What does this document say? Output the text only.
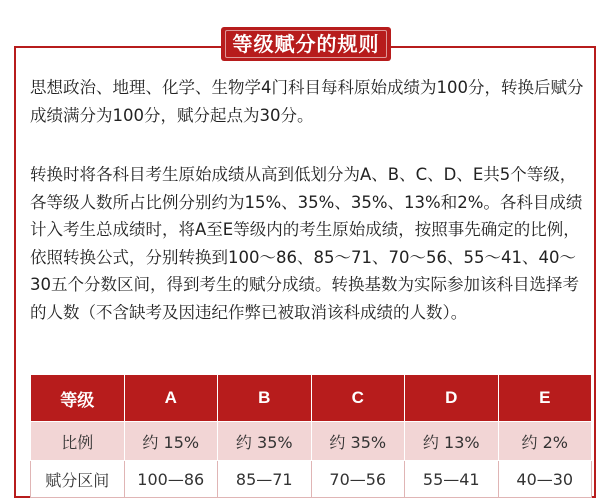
等级赋分的规则
思想政治、地理、化学、生物学4门科目每科原始成绩为100分，转换后赋分成绩满分为100分，赋分起点为30分。
转换时将各科目考生原始成绩从高到低划分为A、B、C、D、E共5个等级，各等级人数所占比例分别约为15%、35%、35%、13%和2%。各科目成绩计入考生总成绩时，将A至E等级内的考生原始成绩，按照事先确定的比例，依照转换公式，分别转换到100～86、85～71、70～56、55～41、40～30五个分数区间，得到考生的赋分成绩。转换基数为实际参加该科目选择考的人数（不含缺考及因违纪作弊已被取消该科成绩的人数）。
等级	A	B	C	D	E
比例	约 15%	约 35%	约 35%	约 13%	约 2%
赋分区间	100—86	85—71	70—56	55—41	40—30
